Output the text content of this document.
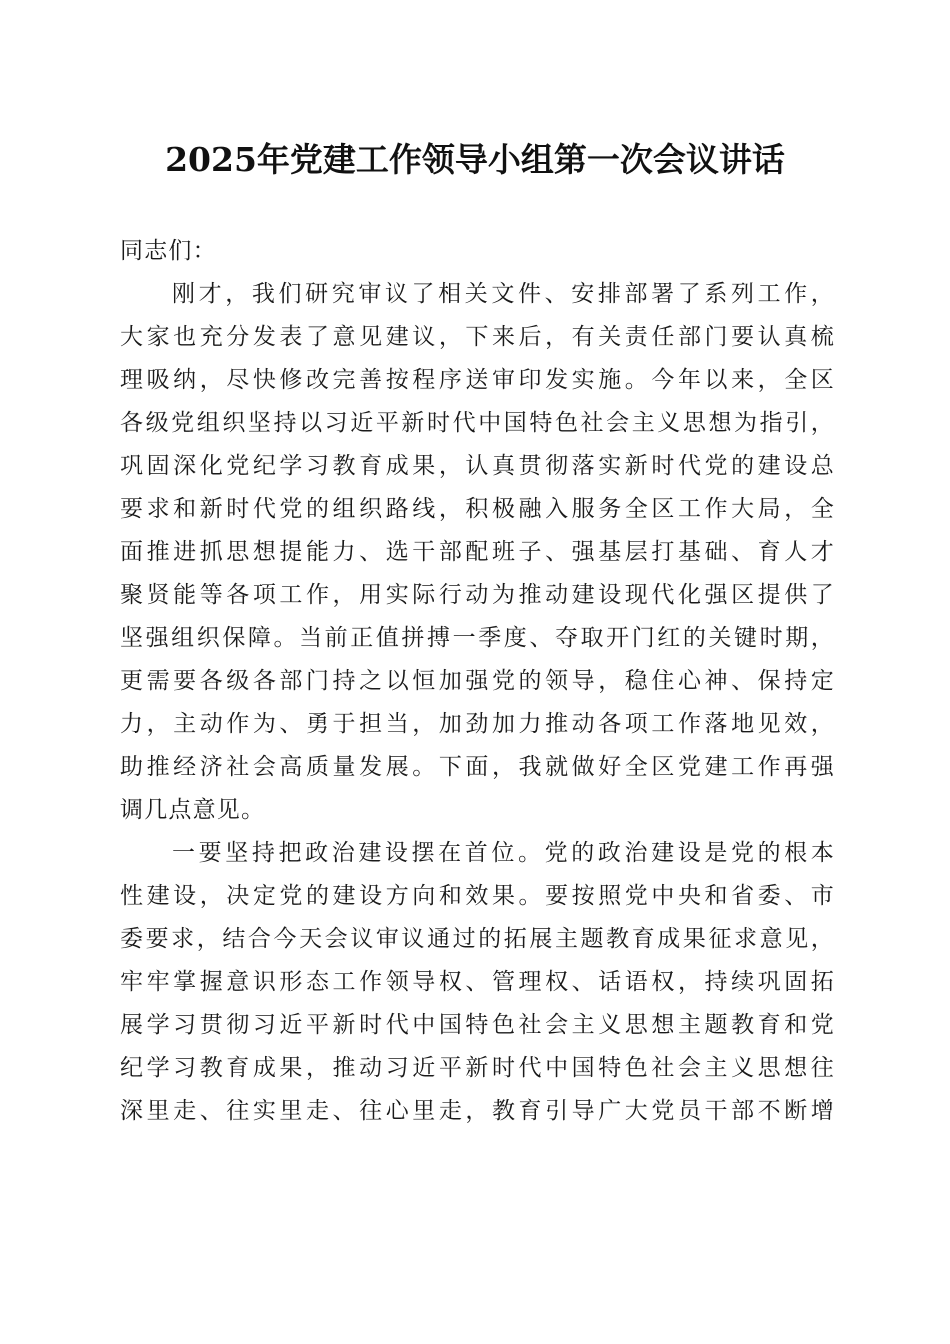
2025年党建工作领导小组第一次会议讲话
同志们：
刚才，我们研究审议了相关文件、安排部署了系列工作，
大家也充分发表了意见建议，下来后，有关责任部门要认真梳
理吸纳，尽快修改完善按程序送审印发实施。今年以来，全区
各级党组织坚持以习近平新时代中国特色社会主义思想为指引，
巩固深化党纪学习教育成果，认真贯彻落实新时代党的建设总
要求和新时代党的组织路线，积极融入服务全区工作大局，全
面推进抓思想提能力、选干部配班子、强基层打基础、育人才
聚贤能等各项工作，用实际行动为推动建设现代化强区提供了
坚强组织保障。当前正值拼搏一季度、夺取开门红的关键时期，
更需要各级各部门持之以恒加强党的领导，稳住心神、保持定
力，主动作为、勇于担当，加劲加力推动各项工作落地见效，
助推经济社会高质量发展。下面，我就做好全区党建工作再强
调几点意见。
一要坚持把政治建设摆在首位。党的政治建设是党的根本
性建设，决定党的建设方向和效果。要按照党中央和省委、市
委要求，结合今天会议审议通过的拓展主题教育成果征求意见，
牢牢掌握意识形态工作领导权、管理权、话语权，持续巩固拓
展学习贯彻习近平新时代中国特色社会主义思想主题教育和党
纪学习教育成果，推动习近平新时代中国特色社会主义思想往
深里走、往实里走、往心里走，教育引导广大党员干部不断增
